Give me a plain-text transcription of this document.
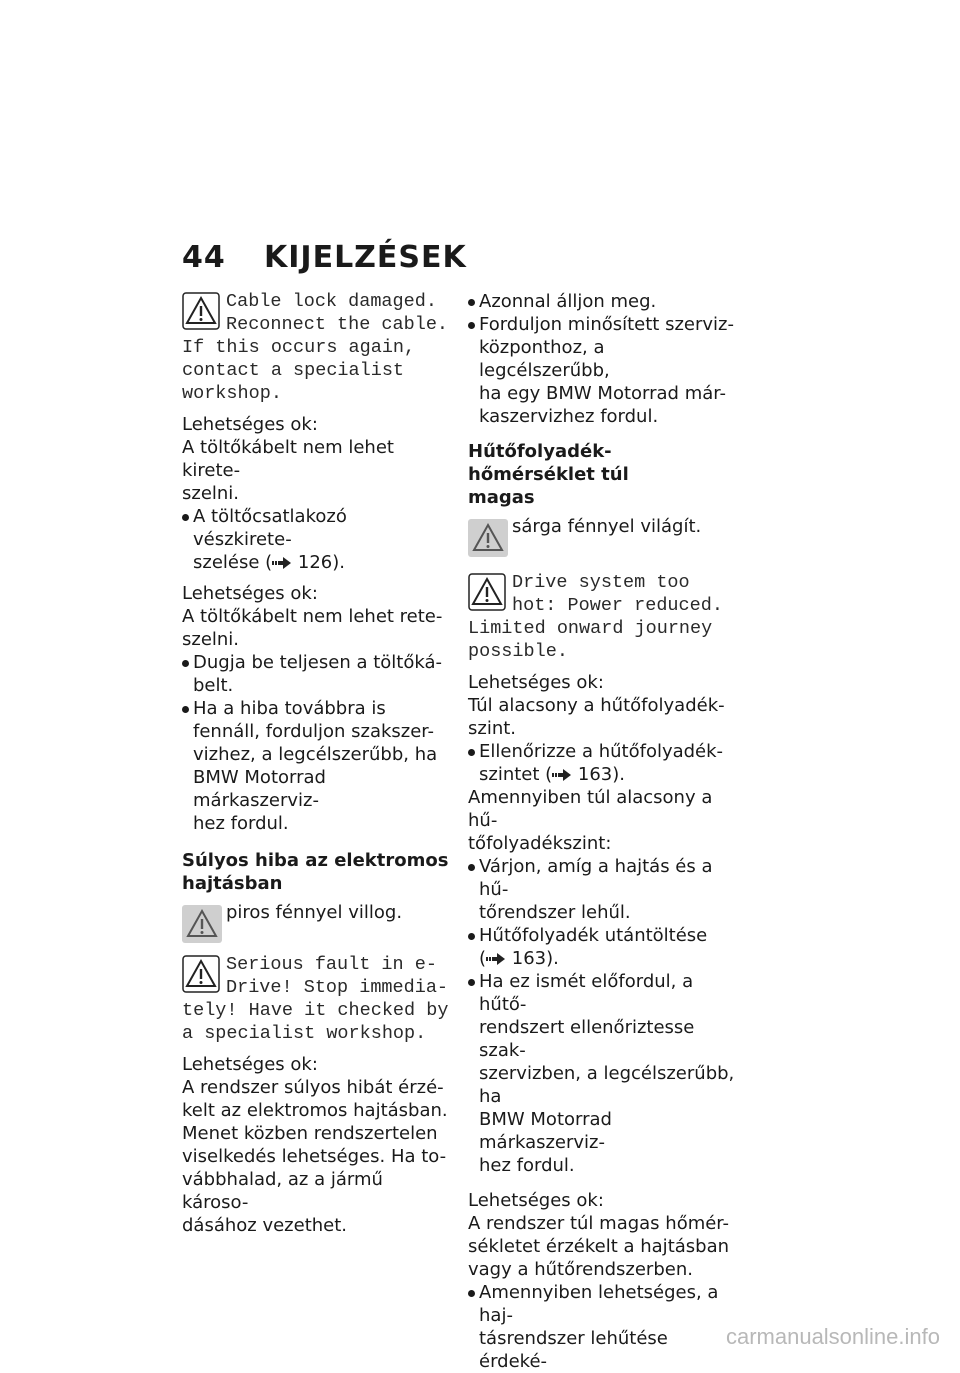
44	KIJELZÉSEK

Cable lock damaged.

Reconnect the cable.

If this occurs again,
contact a specialist
workshop.

Lehetséges ok:

A töltőkábelt nem lehet kirete-
szelni.

A töltőcsatlakozó vészkirete-
szelése ( 126).

Lehetséges ok:

A töltőkábelt nem lehet rete-
szelni.

Dugja be teljesen a töltőká-
belt.
Ha a hiba továbbra is
fennáll, forduljon szakszer-
vizhez, a legcélszerűbb, ha
BMW Motorrad márkaszerviz-
hez fordul.

Súlyos hiba az elektromos
hajtásban

piros fénnyel villog.

Serious fault in e-

Drive! Stop immedia-

tely! Have it checked by
a specialist workshop.

Lehetséges ok:

A rendszer súlyos hibát érzé-
kelt az elektromos hajtásban.
Menet közben rendszertelen
viselkedés lehetséges. Ha to-
vábbhalad, az a jármű károso-
dásához vezethet.

Azonnal álljon meg.
Forduljon minősített szerviz-
központhoz, a legcélszerűbb,
ha egy BMW Motorrad már-
kaszervizhez fordul.

Hűtőfolyadék-hőmérséklet túl
magas

sárga fénnyel világít.

Drive system too

hot: Power reduced.

Limited onward journey
possible.

Lehetséges ok:

Túl alacsony a hűtőfolyadék-
szint.

Ellenőrizze a hűtőfolyadék-
szintet ( 163).

Amennyiben túl alacsony a hű-
tőfolyadékszint:

Várjon, amíg a hajtás és a hű-
tőrendszer lehűl.
Hűtőfolyadék utántöltése
( 163).
Ha ez ismét előfordul, a hűtő-
rendszert ellenőriztesse szak-
szervizben, a legcélszerűbb, ha
BMW Motorrad márkaszerviz-
hez fordul.

Lehetséges ok:

A rendszer túl magas hőmér-
sékletet érzékelt a hajtásban
vagy a hűtőrendszerben.

Amennyiben lehetséges, a haj-
tásrendszer lehűtése érdeké-
carmanualsonline.info
